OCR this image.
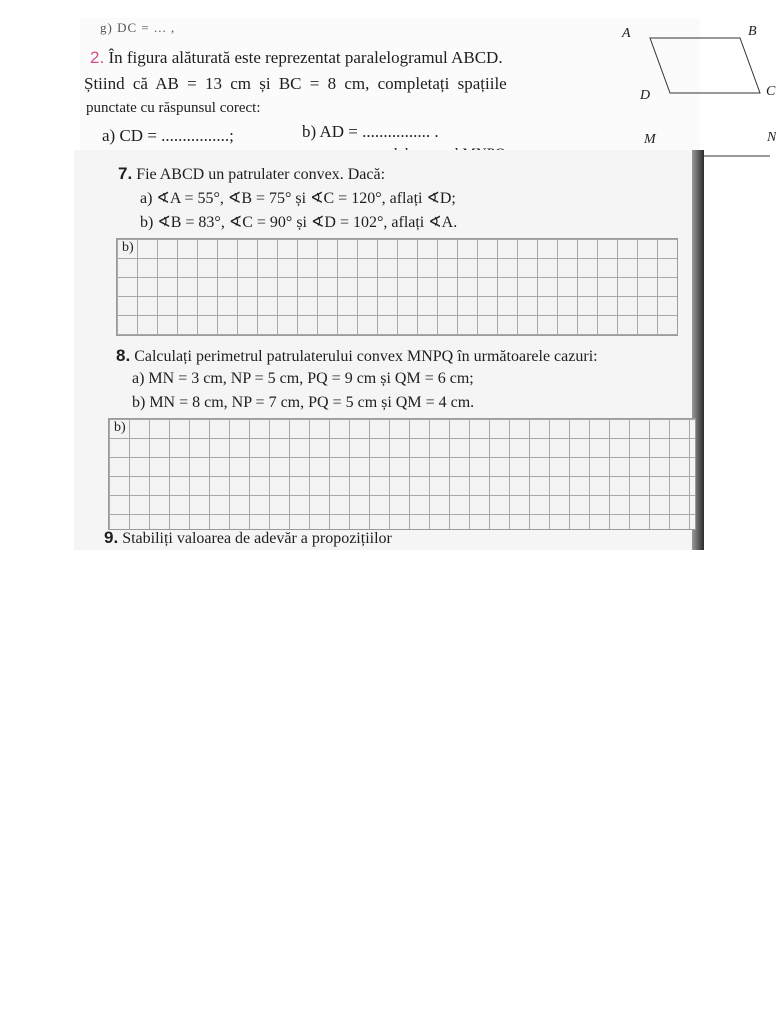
g) DC = ... ,
2. În figura alăturată este reprezentat paralelogramul ABCD.
Știind că AB = 13 cm și BC = 8 cm, completați spațiile
punctate cu răspunsul corect:
a) CD = ................;	b) AD = ................ .
A	B
C
D
M	N
7. Fie ABCD un patrulater convex. Dacă:
a) ∢A = 55°, ∢B = 75° și ∢C = 120°, aflați ∢D;
b) ∢B = 83°, ∢C = 90° și ∢D = 102°, aflați ∢A.
b)
8. Calculați perimetrul patrulaterului convex MNPQ în următoarele cazuri:
a) MN = 3 cm, NP = 5 cm, PQ = 9 cm și QM = 6 cm;
b) MN = 8 cm, NP = 7 cm, PQ = 5 cm și QM = 4 cm.
b)
9. Stabiliți valoarea de adevăr a propozițiilor
